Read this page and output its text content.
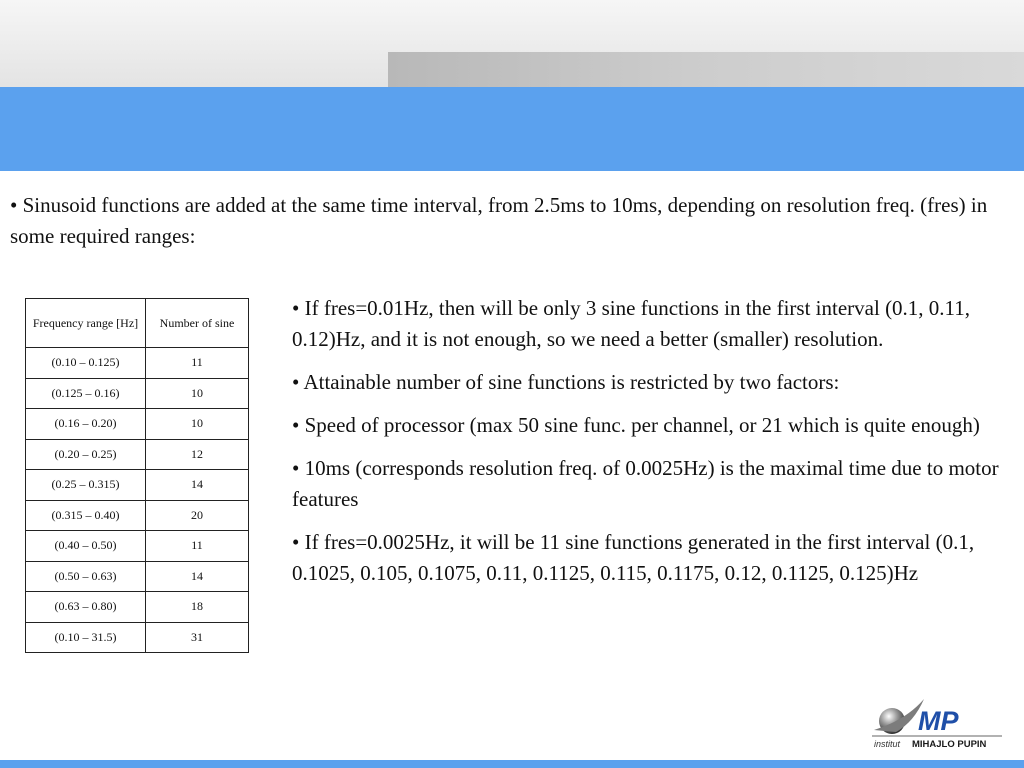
• Sinusoid functions are added at the same time interval, from 2.5ms to 10ms, depending on resolution freq. (fres) in some required ranges:

Frequency range [Hz]	Number of sine
(0.10 – 0.125)	11
(0.125 – 0.16)	10
(0.16 – 0.20)	10
(0.20 – 0.25)	12
(0.25 – 0.315)	14
(0.315 – 0.40)	20
(0.40 – 0.50)	11
(0.50 – 0.63)	14
(0.63 – 0.80)	18
(0.10 – 31.5)	31

• If fres=0.01Hz, then will be only 3 sine functions in the first interval (0.1, 0.11, 0.12)Hz, and it is not enough, so we need a better (smaller) resolution.

• Attainable number of sine functions is restricted by two factors:

• Speed of processor (max 50 sine func. per channel, or 21 which is quite enough)

• 10ms (corresponds resolution freq. of 0.0025Hz) is the maximal time due to motor features

• If fres=0.0025Hz, it will be 11 sine functions generated in the first interval (0.1, 0.1025, 0.105, 0.1075, 0.11, 0.1125, 0.115, 0.1175, 0.12, 0.1125, 0.125)Hz

MP
institut MIHAJLO PUPIN
